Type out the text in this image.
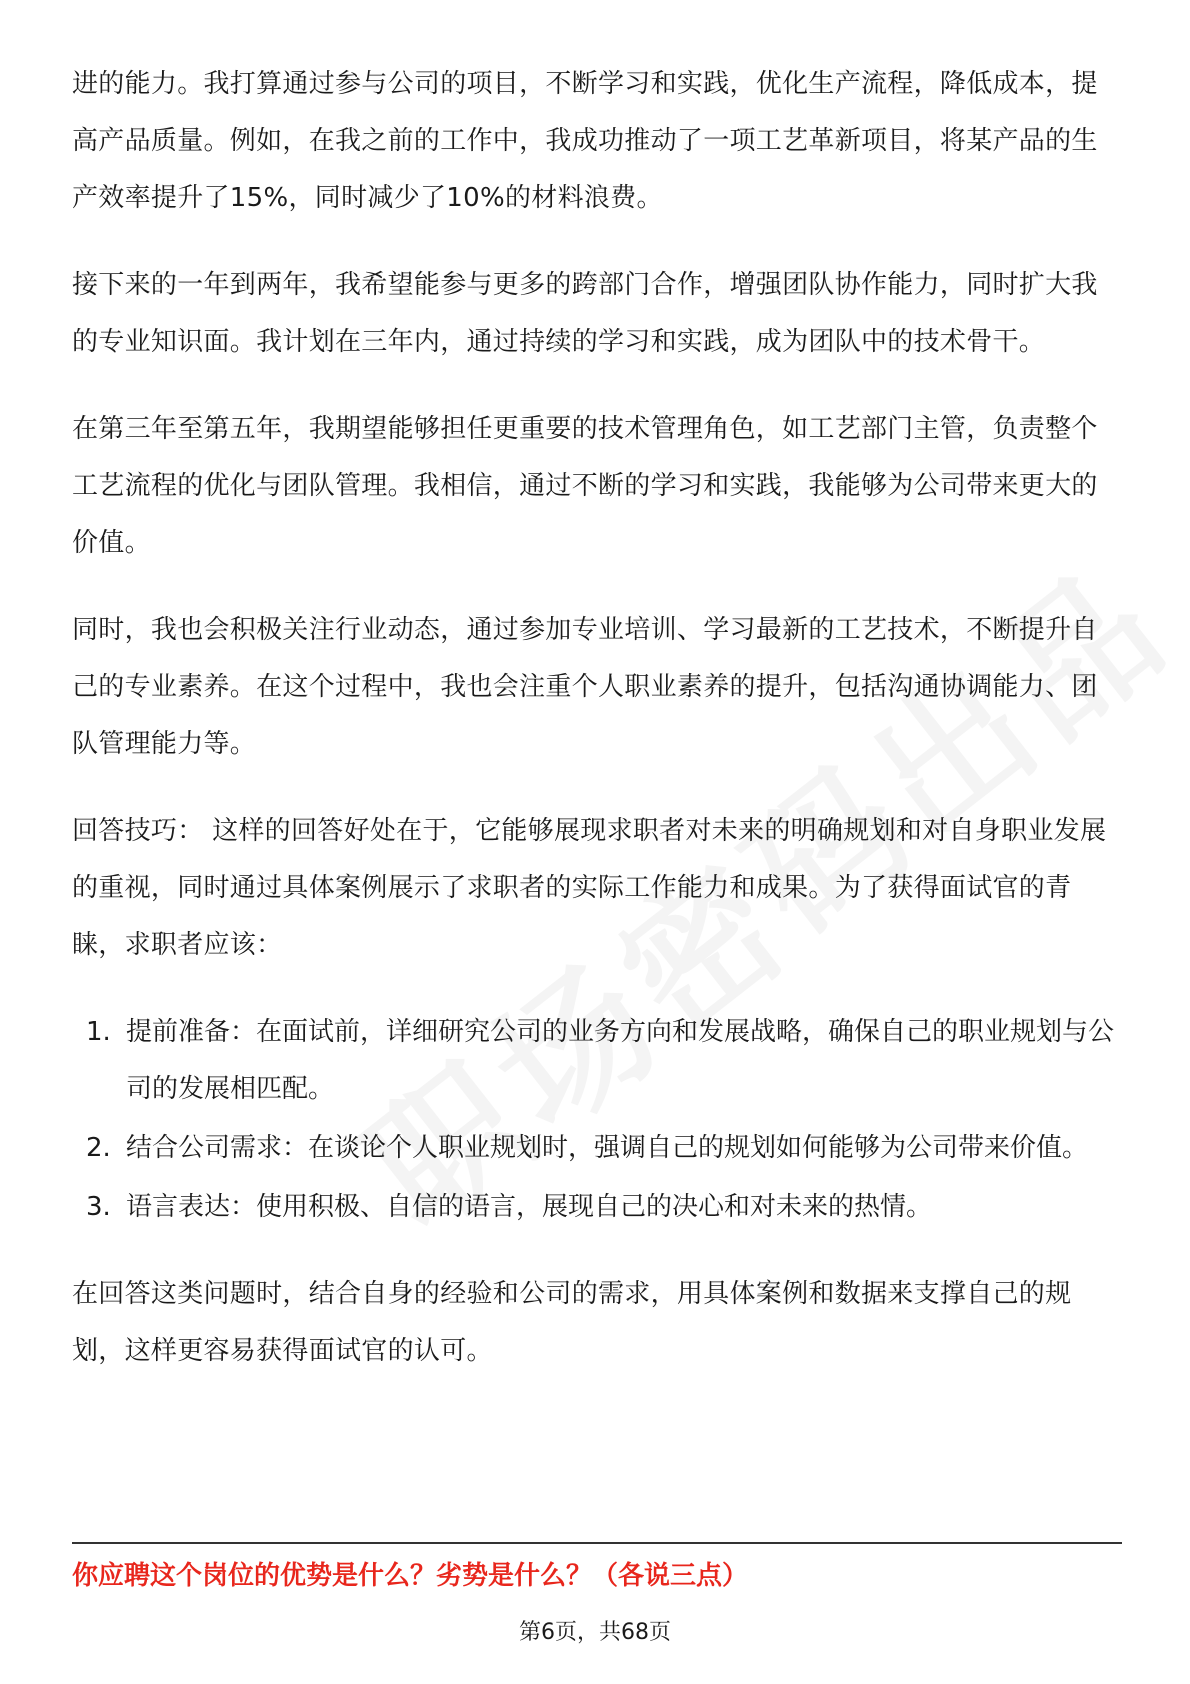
进的能力。我打算通过参与公司的项目，不断学习和实践，优化生产流程，降低成本，提高产品质量。例如，在我之前的工作中，我成功推动了一项工艺革新项目，将某产品的生产效率提升了15%，同时减少了10%的材料浪费。

接下来的一年到两年，我希望能参与更多的跨部门合作，增强团队协作能力，同时扩大我的专业知识面。我计划在三年内，通过持续的学习和实践，成为团队中的技术骨干。

在第三年至第五年，我期望能够担任更重要的技术管理角色，如工艺部门主管，负责整个工艺流程的优化与团队管理。我相信，通过不断的学习和实践，我能够为公司带来更大的价值。

同时，我也会积极关注行业动态，通过参加专业培训、学习最新的工艺技术，不断提升自己的专业素养。在这个过程中，我也会注重个人职业素养的提升，包括沟通协调能力、团队管理能力等。

回答技巧： 这样的回答好处在于，它能够展现求职者对未来的明确规划和对自身职业发展的重视，同时通过具体案例展示了求职者的实际工作能力和成果。为了获得面试官的青睐，求职者应该：

1. 提前准备：在面试前，详细研究公司的业务方向和发展战略，确保自己的职业规划与公司的发展相匹配。
2. 结合公司需求：在谈论个人职业规划时，强调自己的规划如何能够为公司带来价值。
3. 语言表达：使用积极、自信的语言，展现自己的决心和对未来的热情。

在回答这类问题时，结合自身的经验和公司的需求，用具体案例和数据来支撑自己的规划，这样更容易获得面试官的认可。

你应聘这个岗位的优势是什么？劣势是什么？（各说三点）
第6页，共68页
